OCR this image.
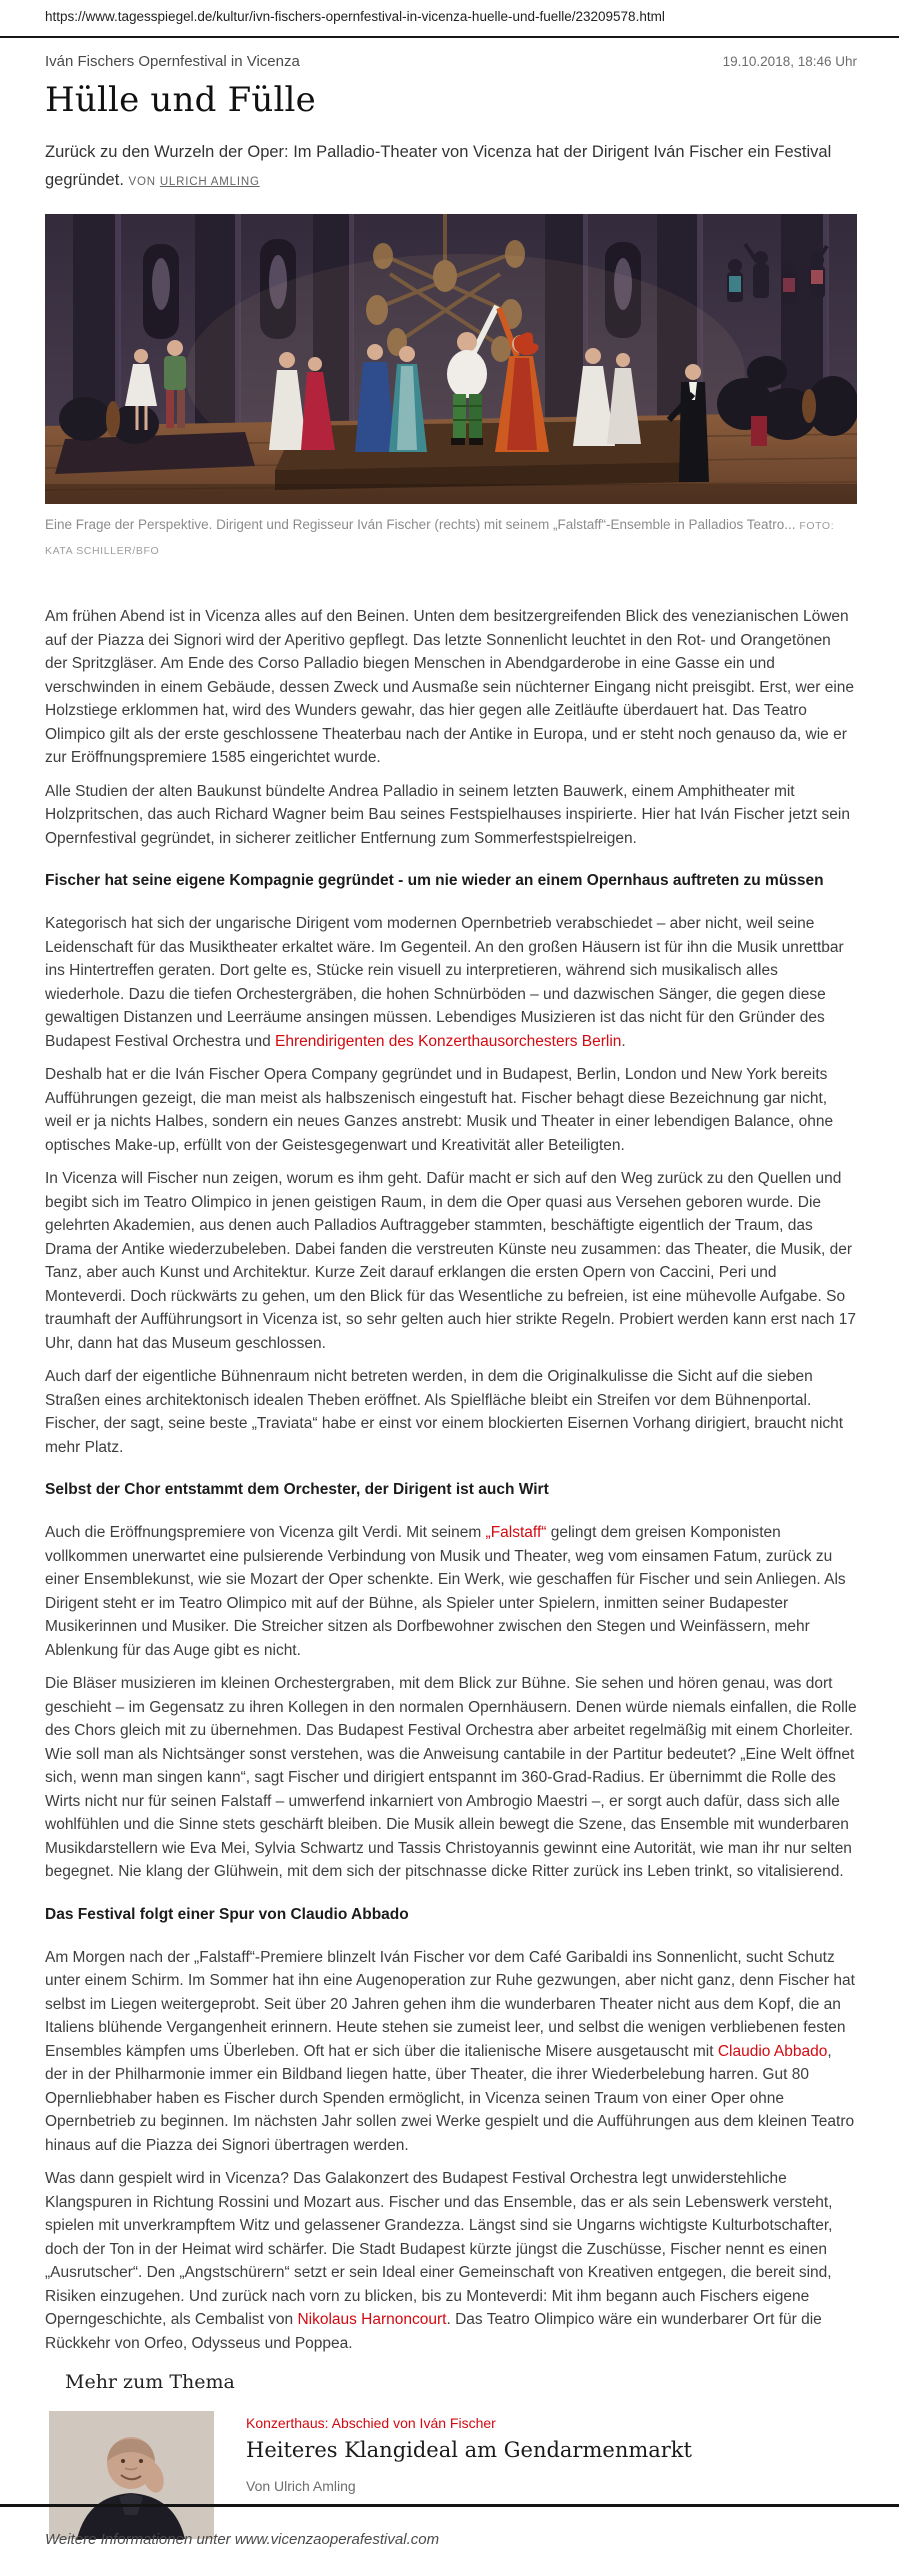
https://www.tagesspiegel.de/kultur/ivn-fischers-opernfestival-in-vicenza-huelle-und-fuelle/23209578.html
Iván Fischers Opernfestival in Vicenza	19.10.2018, 18:46 Uhr
Hülle und Fülle

Zurück zu den Wurzeln der Oper: Im Palladio-Theater von Vicenza hat der Dirigent Iván Fischer ein Festival gegründet. VON ULRICH AMLING

Eine Frage der Perspektive. Dirigent und Regisseur Iván Fischer (rechts) mit seinem „Falstaff“-Ensemble in Palladios Teatro... FOTO: KATA SCHILLER/BFO

Am frühen Abend ist in Vicenza alles auf den Beinen. Unten dem besitzergreifenden Blick des venezianischen Löwen auf der Piazza dei Signori wird der Aperitivo gepflegt. Das letzte Sonnenlicht leuchtet in den Rot- und Orangetönen der Spritzgläser. Am Ende des Corso Palladio biegen Menschen in Abendgarderobe in eine Gasse ein und verschwinden in einem Gebäude, dessen Zweck und Ausmaße sein nüchterner Eingang nicht preisgibt. Erst, wer eine Holzstiege erklommen hat, wird des Wunders gewahr, das hier gegen alle Zeitläufte überdauert hat. Das Teatro Olimpico gilt als der erste geschlossene Theaterbau nach der Antike in Europa, und er steht noch genauso da, wie er zur Eröffnungspremiere 1585 eingerichtet wurde.

Alle Studien der alten Baukunst bündelte Andrea Palladio in seinem letzten Bauwerk, einem Amphitheater mit Holzpritschen, das auch Richard Wagner beim Bau seines Festspielhauses inspirierte. Hier hat Iván Fischer jetzt sein Opernfestival gegründet, in sicherer zeitlicher Entfernung zum Sommerfestspielreigen.

Fischer hat seine eigene Kompagnie gegründet - um nie wieder an einem Opernhaus auftreten zu müssen

Kategorisch hat sich der ungarische Dirigent vom modernen Opernbetrieb verabschiedet – aber nicht, weil seine Leidenschaft für das Musiktheater erkaltet wäre. Im Gegenteil. An den großen Häusern ist für ihn die Musik unrettbar ins Hintertreffen geraten. Dort gelte es, Stücke rein visuell zu interpretieren, während sich musikalisch alles wiederhole. Dazu die tiefen Orchestergräben, die hohen Schnürböden – und dazwischen Sänger, die gegen diese gewaltigen Distanzen und Leerräume ansingen müssen. Lebendiges Musizieren ist das nicht für den Gründer des Budapest Festival Orchestra und Ehrendirigenten des Konzerthausorchesters Berlin.

Deshalb hat er die Iván Fischer Opera Company gegründet und in Budapest, Berlin, London und New York bereits Aufführungen gezeigt, die man meist als halbszenisch eingestuft hat. Fischer behagt diese Bezeichnung gar nicht, weil er ja nichts Halbes, sondern ein neues Ganzes anstrebt: Musik und Theater in einer lebendigen Balance, ohne optisches Make-up, erfüllt von der Geistesgegenwart und Kreativität aller Beteiligten.

In Vicenza will Fischer nun zeigen, worum es ihm geht. Dafür macht er sich auf den Weg zurück zu den Quellen und begibt sich im Teatro Olimpico in jenen geistigen Raum, in dem die Oper quasi aus Versehen geboren wurde. Die gelehrten Akademien, aus denen auch Palladios Auftraggeber stammten, beschäftigte eigentlich der Traum, das Drama der Antike wiederzubeleben. Dabei fanden die verstreuten Künste neu zusammen: das Theater, die Musik, der Tanz, aber auch Kunst und Architektur. Kurze Zeit darauf erklangen die ersten Opern von Caccini, Peri und Monteverdi. Doch rückwärts zu gehen, um den Blick für das Wesentliche zu befreien, ist eine mühevolle Aufgabe. So traumhaft der Aufführungsort in Vicenza ist, so sehr gelten auch hier strikte Regeln. Probiert werden kann erst nach 17 Uhr, dann hat das Museum geschlossen.

Auch darf der eigentliche Bühnenraum nicht betreten werden, in dem die Originalkulisse die Sicht auf die sieben Straßen eines architektonisch idealen Theben eröffnet. Als Spielfläche bleibt ein Streifen vor dem Bühnenportal. Fischer, der sagt, seine beste „Traviata“ habe er einst vor einem blockierten Eisernen Vorhang dirigiert, braucht nicht mehr Platz.

Selbst der Chor entstammt dem Orchester, der Dirigent ist auch Wirt

Auch die Eröffnungspremiere von Vicenza gilt Verdi. Mit seinem „Falstaff“ gelingt dem greisen Komponisten vollkommen unerwartet eine pulsierende Verbindung von Musik und Theater, weg vom einsamen Fatum, zurück zu einer Ensemblekunst, wie sie Mozart der Oper schenkte. Ein Werk, wie geschaffen für Fischer und sein Anliegen. Als Dirigent steht er im Teatro Olimpico mit auf der Bühne, als Spieler unter Spielern, inmitten seiner Budapester Musikerinnen und Musiker. Die Streicher sitzen als Dorfbewohner zwischen den Stegen und Weinfässern, mehr Ablenkung für das Auge gibt es nicht.

Die Bläser musizieren im kleinen Orchestergraben, mit dem Blick zur Bühne. Sie sehen und hören genau, was dort geschieht – im Gegensatz zu ihren Kollegen in den normalen Opernhäusern. Denen würde niemals einfallen, die Rolle des Chors gleich mit zu übernehmen. Das Budapest Festival Orchestra aber arbeitet regelmäßig mit einem Chorleiter. Wie soll man als Nichtsänger sonst verstehen, was die Anweisung cantabile in der Partitur bedeutet? „Eine Welt öffnet sich, wenn man singen kann“, sagt Fischer und dirigiert entspannt im 360-Grad-Radius. Er übernimmt die Rolle des Wirts nicht nur für seinen Falstaff – umwerfend inkarniert von Ambrogio Maestri –, er sorgt auch dafür, dass sich alle wohlfühlen und die Sinne stets geschärft bleiben. Die Musik allein bewegt die Szene, das Ensemble mit wunderbaren Musikdarstellern wie Eva Mei, Sylvia Schwartz und Tassis Christoyannis gewinnt eine Autorität, wie man ihr nur selten begegnet. Nie klang der Glühwein, mit dem sich der pitschnasse dicke Ritter zurück ins Leben trinkt, so vitalisierend.

Das Festival folgt einer Spur von Claudio Abbado

Am Morgen nach der „Falstaff“-Premiere blinzelt Iván Fischer vor dem Café Garibaldi ins Sonnenlicht, sucht Schutz unter einem Schirm. Im Sommer hat ihn eine Augenoperation zur Ruhe gezwungen, aber nicht ganz, denn Fischer hat selbst im Liegen weitergeprobt. Seit über 20 Jahren gehen ihm die wunderbaren Theater nicht aus dem Kopf, die an Italiens blühende Vergangenheit erinnern. Heute stehen sie zumeist leer, und selbst die wenigen verbliebenen festen Ensembles kämpfen ums Überleben. Oft hat er sich über die italienische Misere ausgetauscht mit Claudio Abbado, der in der Philharmonie immer ein Bildband liegen hatte, über Theater, die ihrer Wiederbelebung harren. Gut 80 Opernliebhaber haben es Fischer durch Spenden ermöglicht, in Vicenza seinen Traum von einer Oper ohne Opernbetrieb zu beginnen. Im nächsten Jahr sollen zwei Werke gespielt und die Aufführungen aus dem kleinen Teatro hinaus auf die Piazza dei Signori übertragen werden.

Was dann gespielt wird in Vicenza? Das Galakonzert des Budapest Festival Orchestra legt unwiderstehliche Klangspuren in Richtung Rossini und Mozart aus. Fischer und das Ensemble, das er als sein Lebenswerk versteht, spielen mit unverkrampftem Witz und gelassener Grandezza. Längst sind sie Ungarns wichtigste Kulturbotschafter, doch der Ton in der Heimat wird schärfer. Die Stadt Budapest kürzte jüngst die Zuschüsse, Fischer nennt es einen „Ausrutscher“. Den „Angstschürern“ setzt er sein Ideal einer Gemeinschaft von Kreativen entgegen, die bereit sind, Risiken einzugehen. Und zurück nach vorn zu blicken, bis zu Monteverdi: Mit ihm begann auch Fischers eigene Operngeschichte, als Cembalist von Nikolaus Harnoncourt. Das Teatro Olimpico wäre ein wunderbarer Ort für die Rückkehr von Orfeo, Odysseus und Poppea.

Mehr zum Thema

Konzerthaus: Abschied von Iván Fischer

Heiteres Klangideal am Gendarmenmarkt

Von Ulrich Amling

Weitere Informationen unter www.vicenzaoperafestival.com
